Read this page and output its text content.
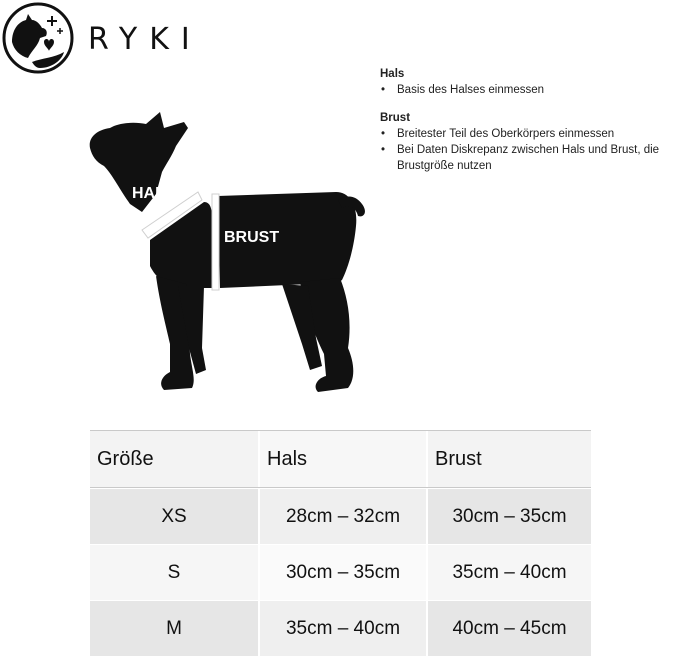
RYKI
Hals
• Basis des Halses einmessen
Brust
• Breitester Teil des Oberkörpers einmessen
• Bei Daten Diskrepanz zwischen Hals und Brust, die Brustgröße nutzen
HALS
BRUST
Größe	Hals	Brust
XS	28cm – 32cm	30cm – 35cm
S	30cm – 35cm	35cm – 40cm
M	35cm – 40cm	40cm – 45cm
